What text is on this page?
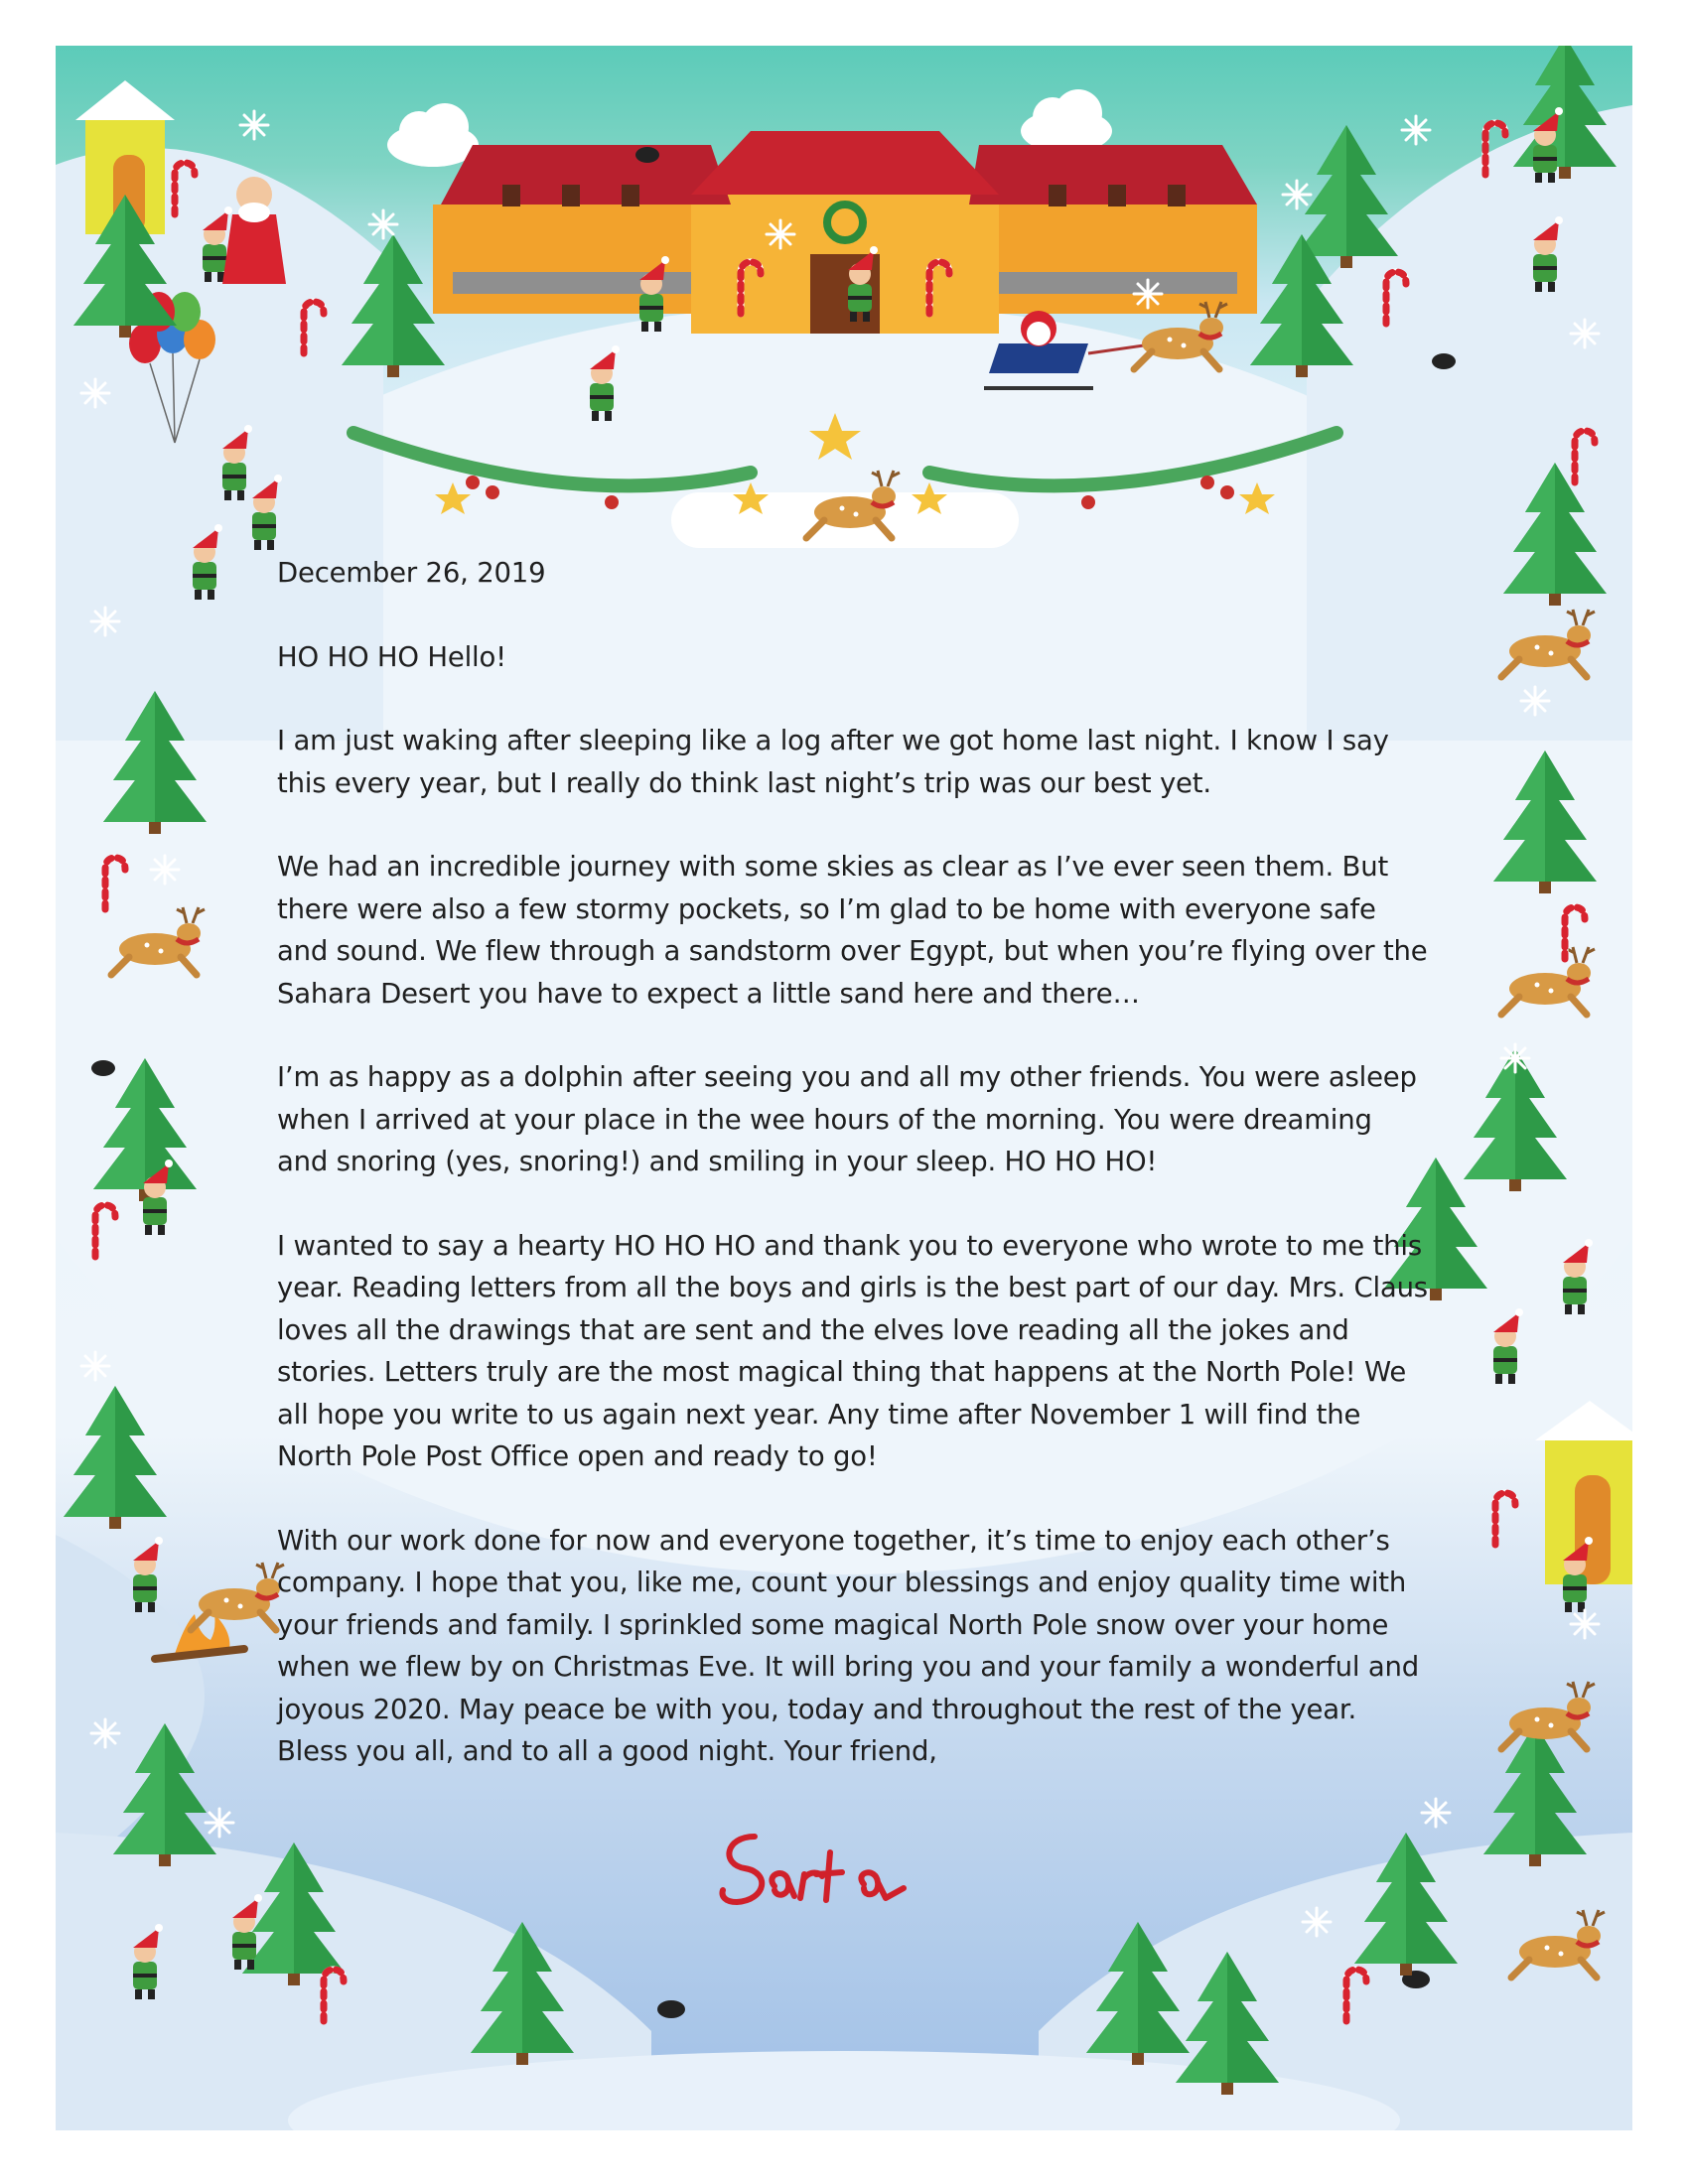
December 26, 2019

HO HO HO Hello!

I am just waking after sleeping like a log after we got home last night. I know I say this every year, but I really do think last night’s trip was our best yet.

We had an incredible journey with some skies as clear as I’ve ever seen them. But there were also a few stormy pockets, so I’m glad to be home with everyone safe and sound. We flew through a sandstorm over Egypt, but when you’re flying over the Sahara Desert you have to expect a little sand here and there…

I’m as happy as a dolphin after seeing you and all my other friends. You were asleep when I arrived at your place in the wee hours of the morning. You were dreaming and snoring (yes, snoring!) and smiling in your sleep. HO HO HO!

I wanted to say a hearty HO HO HO and thank you to everyone who wrote to me this year. Reading letters from all the boys and girls is the best part of our day. Mrs. Claus loves all the drawings that are sent and the elves love reading all the jokes and stories. Letters truly are the most magical thing that happens at the North Pole! We all hope you write to us again next year. Any time after November 1 will find the North Pole Post Office open and ready to go!

With our work done for now and everyone together, it’s time to enjoy each other’s company. I hope that you, like me, count your blessings and enjoy quality time with your friends and family. I sprinkled some magical North Pole snow over your home when we flew by on Christmas Eve. It will bring you and your family a wonderful and joyous 2020. May peace be with you, today and throughout the rest of the year. Bless you all, and to all a good night. Your friend,
